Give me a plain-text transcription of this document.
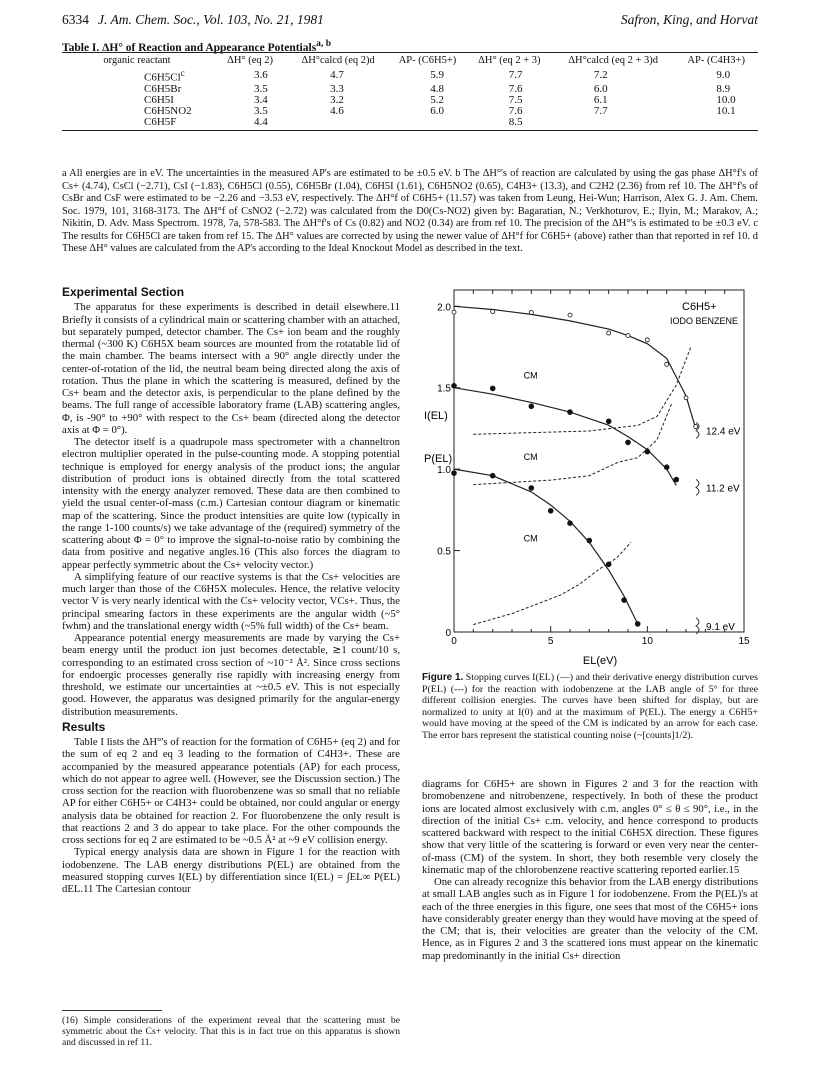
6334 J. Am. Chem. Soc., Vol. 103, No. 21, 1981	Safron, King, and Horvat
Table I. ΔH° of Reaction and Appearance Potentials$^{a, b}$
organic reactant	ΔH° (eq 2)	ΔH°calcd (eq 2)d	AP- (C6H5+)	ΔH° (eq 2 + 3)	ΔH°calcd (eq 2 + 3)d	AP- (C4H3+)
C6H5Cl$^c$	3.6	4.7	5.9	7.7	7.2	9.0
C6H5Br	3.5	3.3	4.8	7.6	6.0	8.9
C6H5I	3.4	3.2	5.2	7.5	6.1	10.0
C6H5NO2	3.5	4.6	6.0	7.6	7.7	10.1
C6H5F	4.4			8.5		
a All energies are in eV. The uncertainties in the measured AP's are estimated to be ±0.5 eV. b The ΔH°'s of reaction are calculated by using the gas phase ΔH°f's of Cs+ (4.74), CsCl (−2.71), CsI (−1.83), C6H5Cl (0.55), C6H5Br (1.04), C6H5I (1.61), C6H5NO2 (0.65), C4H3+ (13.3), and C2H2 (2.36) from ref 10. The ΔH°f's of CsBr and CsF were estimated to be −2.26 and −3.53 eV, respectively. The ΔH°f of C6H5+ (11.57) was taken from Leung, Hei-Wun; Harrison, Alex G. J. Am. Chem. Soc. 1979, 101, 3168-3173. The ΔH°f of CsNO2 (−2.72) was calculated from the D0(Cs-NO2) given by: Bagaratian, N.; Verkhoturov, E.; Ilyin, M.; Marakov, A.; Nikitin, D. Adv. Mass Spectrom. 1978, 7a, 578-583. The ΔH°f's of Cs (0.82) and NO2 (0.34) are from ref 10. The precision of the ΔH°'s is estimated to be ±0.3 eV. c The results for C6H5Cl are taken from ref 15. The ΔH° values are corrected by using the newer value of ΔH°f for C6H5+ (above) rather than that reported in ref 10. d These ΔH° values are calculated from the AP's according to the Ideal Knockout Model as described in the text.
Experimental Section

The apparatus for these experiments is described in detail elsewhere.11 Briefly it consists of a cylindrical main or scattering chamber with an attached, but separately pumped, detector chamber. The Cs+ ion beam and the roughly thermal (~300 K) C6H5X beam sources are mounted from the rotatable lid of the main chamber. The beams intersect with a 90° angle directly under the center-of-rotation of the lid, the neutral beam being directed along the axis of rotation. Thus the plane in which the scattering is measured, defined by the Cs+ beam and the detector axis, is perpendicular to the plane defined by the beams. The full range of accessible laboratory frame (LAB) scattering angles, Φ, is -90° to +90° with respect to the Cs+ beam (directed along the detector axis at Φ = 0°).

The detector itself is a quadrupole mass spectrometer with a channeltron electron multiplier operated in the pulse-counting mode. A stopping potential technique is employed for energy analysis of the product ions; the angular distribution of product ions is obtained directly from the total scattered intensity with the energy analyzer removed. These data are then combined to yield the usual center-of-mass (c.m.) Cartesian contour diagram or kinematic map of the scattering. Since the product intensities are quite low (typically in the range 1-100 counts/s) we take advantage of the (required) symmetry of the scattering about Φ = 0° to improve the signal-to-noise ratio by combining the data from positive and negative angles.16 (This also forces the diagram to appear perfectly symmetric about the Cs+ velocity vector.)

A simplifying feature of our reactive systems is that the Cs+ velocities are much larger than those of the C6H5X molecules. Hence, the relative velocity vector V is very nearly identical with the Cs+ velocity vector, VCs+. Thus, the principal smearing factors in these experiments are the angular width (~5° fwhm) and the translational energy width (~5% full width) of the Cs+ beam.

Appearance potential energy measurements are made by varying the Cs+ beam energy until the product ion just becomes detectable, ≳1 count/10 s, corresponding to an estimated cross section of ~10⁻² Å². Since cross sections for endoergic processes generally rise rapidly with increasing energy from threshold, we estimate our uncertainties at ~±0.5 eV. This is not especially good. However, the apparatus was designed primarily for the angular-energy distribution measurements.

Results

Table I lists the ΔH°'s of reaction for the formation of C6H5+ (eq 2) and for the sum of eq 2 and eq 3 leading to the formation of C4H3+. These are accompanied by the measured appearance potentials (AP) for each process, which do not appear to agree well. (However, see the Discussion section.) The cross section for the reaction with fluorobenzene was so small that no reliable AP for either C6H5+ or C4H3+ could be obtained, nor could angular or energy analysis data be obtained for reaction 2. For fluorobenzene the only result is that reactions 2 and 3 do appear to take place. For the other compounds the cross sections for eq 2 are estimated to be ~0.5 Å² at ~9 eV collision energy.

Typical energy analysis data are shown in Figure 1 for the reaction with iodobenzene. The LAB energy distributions P(EL) are obtained from the measured stopping curves I(EL) by differentiation since I(EL) = ∫EL∞ P(EL) dEL.11 The Cartesian contour

(16) Simple considerations of the experiment reveal that the scattering must be symmetric about the Cs+ velocity. That this is in fact true on this apparatus is shown and discussed in ref 11.
0
0.5
1.0
1.5
2.0
0	5	10	15
C6H5+
IODO BENZENE
I(EL)
P(EL)
EL(eV)
CM
CM
CM
12.4 eV
11.2 eV
9.1 eV
Figure 1. Stopping curves I(EL) (—) and their derivative energy distribution curves P(EL) (---) for the reaction with iodobenzene at the LAB angle of 5° for three different collision energies. The curves have been shifted for display, but are normalized to unity at I(0) and at the maximum of P(EL). The energy a C6H5+ would have moving at the speed of the CM is indicated by an arrow for each case. The error bars represent the statistical counting noise (~[counts]1/2).

diagrams for C6H5+ are shown in Figures 2 and 3 for the reaction with bromobenzene and nitrobenzene, respectively. In both of these the product ions are located almost exclusively with c.m. angles 0° ≤ θ ≤ 90°, i.e., in the direction of the initial Cs+ c.m. velocity, and hence correspond to products scattered backward with respect to the initial C6H5X direction. These figures show that very little of the scattering is forward or even very near the center-of-mass (CM) of the system. In short, they both resemble very closely the kinematic map of the chlorobenzene reactive scattering reported earlier.15

One can already recognize this behavior from the LAB energy distributions at small LAB angles such as in Figure 1 for iodobenzene. From the P(EL)'s at each of the three energies in this figure, one sees that most of the C6H5+ ions have considerably greater energy than they would have moving at the speed of the CM; that is, their velocities are greater than the velocity of the CM. Hence, as in Figures 2 and 3 the scattered ions must appear on the kinematic map predominantly in the initial Cs+ direction
